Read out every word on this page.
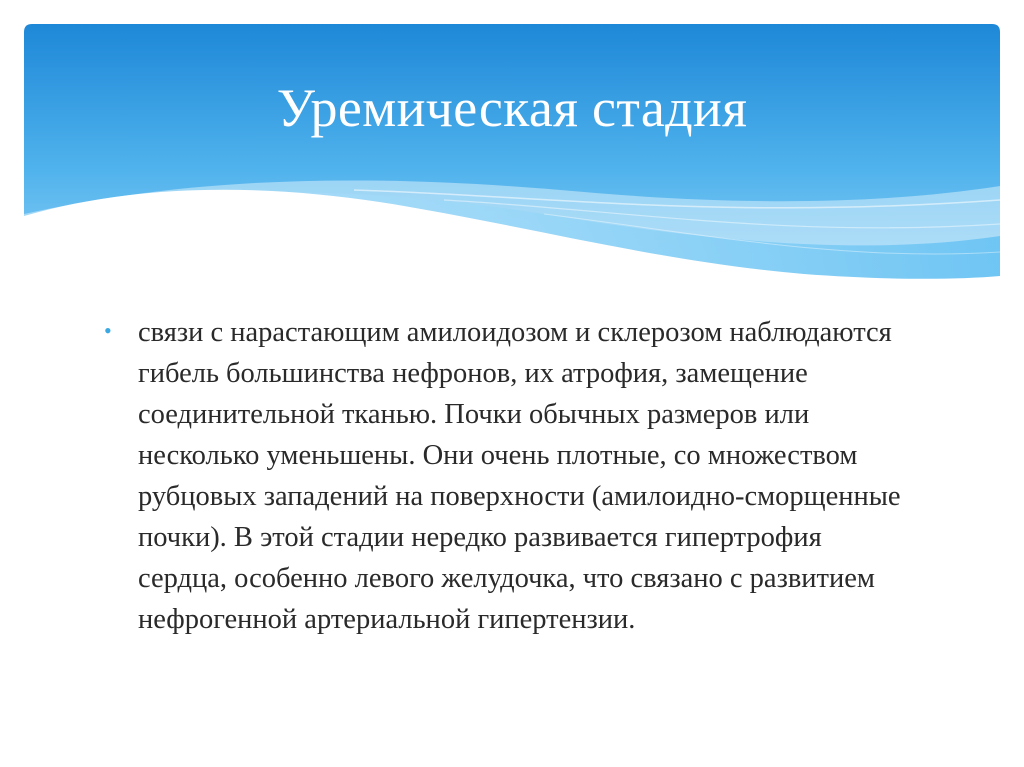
Уремическая стадия
• связи с нарастающим амилоидозом и склерозом наблюдаются гибель большинства нефронов, их атрофия, замещение соединительной тканью. Почки обычных размеров или несколько уменьшены. Они очень плотные, со множеством рубцовых западений на поверхности (амилоидно-сморщенные почки). В этой стадии нередко развивается гипертрофия сердца, особенно левого желудочка, что связано с развитием нефрогенной артериальной гипертензии.
